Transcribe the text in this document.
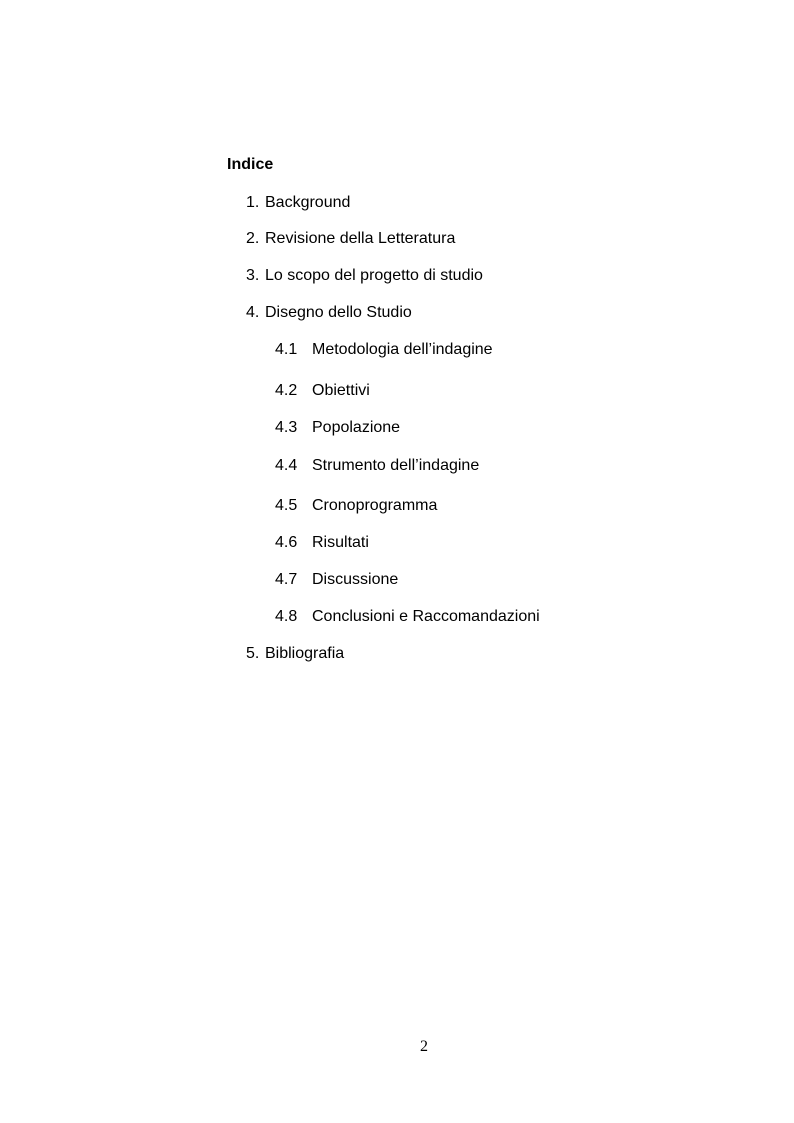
Indice
1. Background
2. Revisione della Letteratura
3. Lo scopo del progetto di studio
4. Disegno dello Studio
4.1 Metodologia dell’indagine
4.2 Obiettivi
4.3 Popolazione
4.4 Strumento dell’indagine
4.5 Cronoprogramma
4.6 Risultati
4.7 Discussione
4.8 Conclusioni e Raccomandazioni
5. Bibliografia
2
